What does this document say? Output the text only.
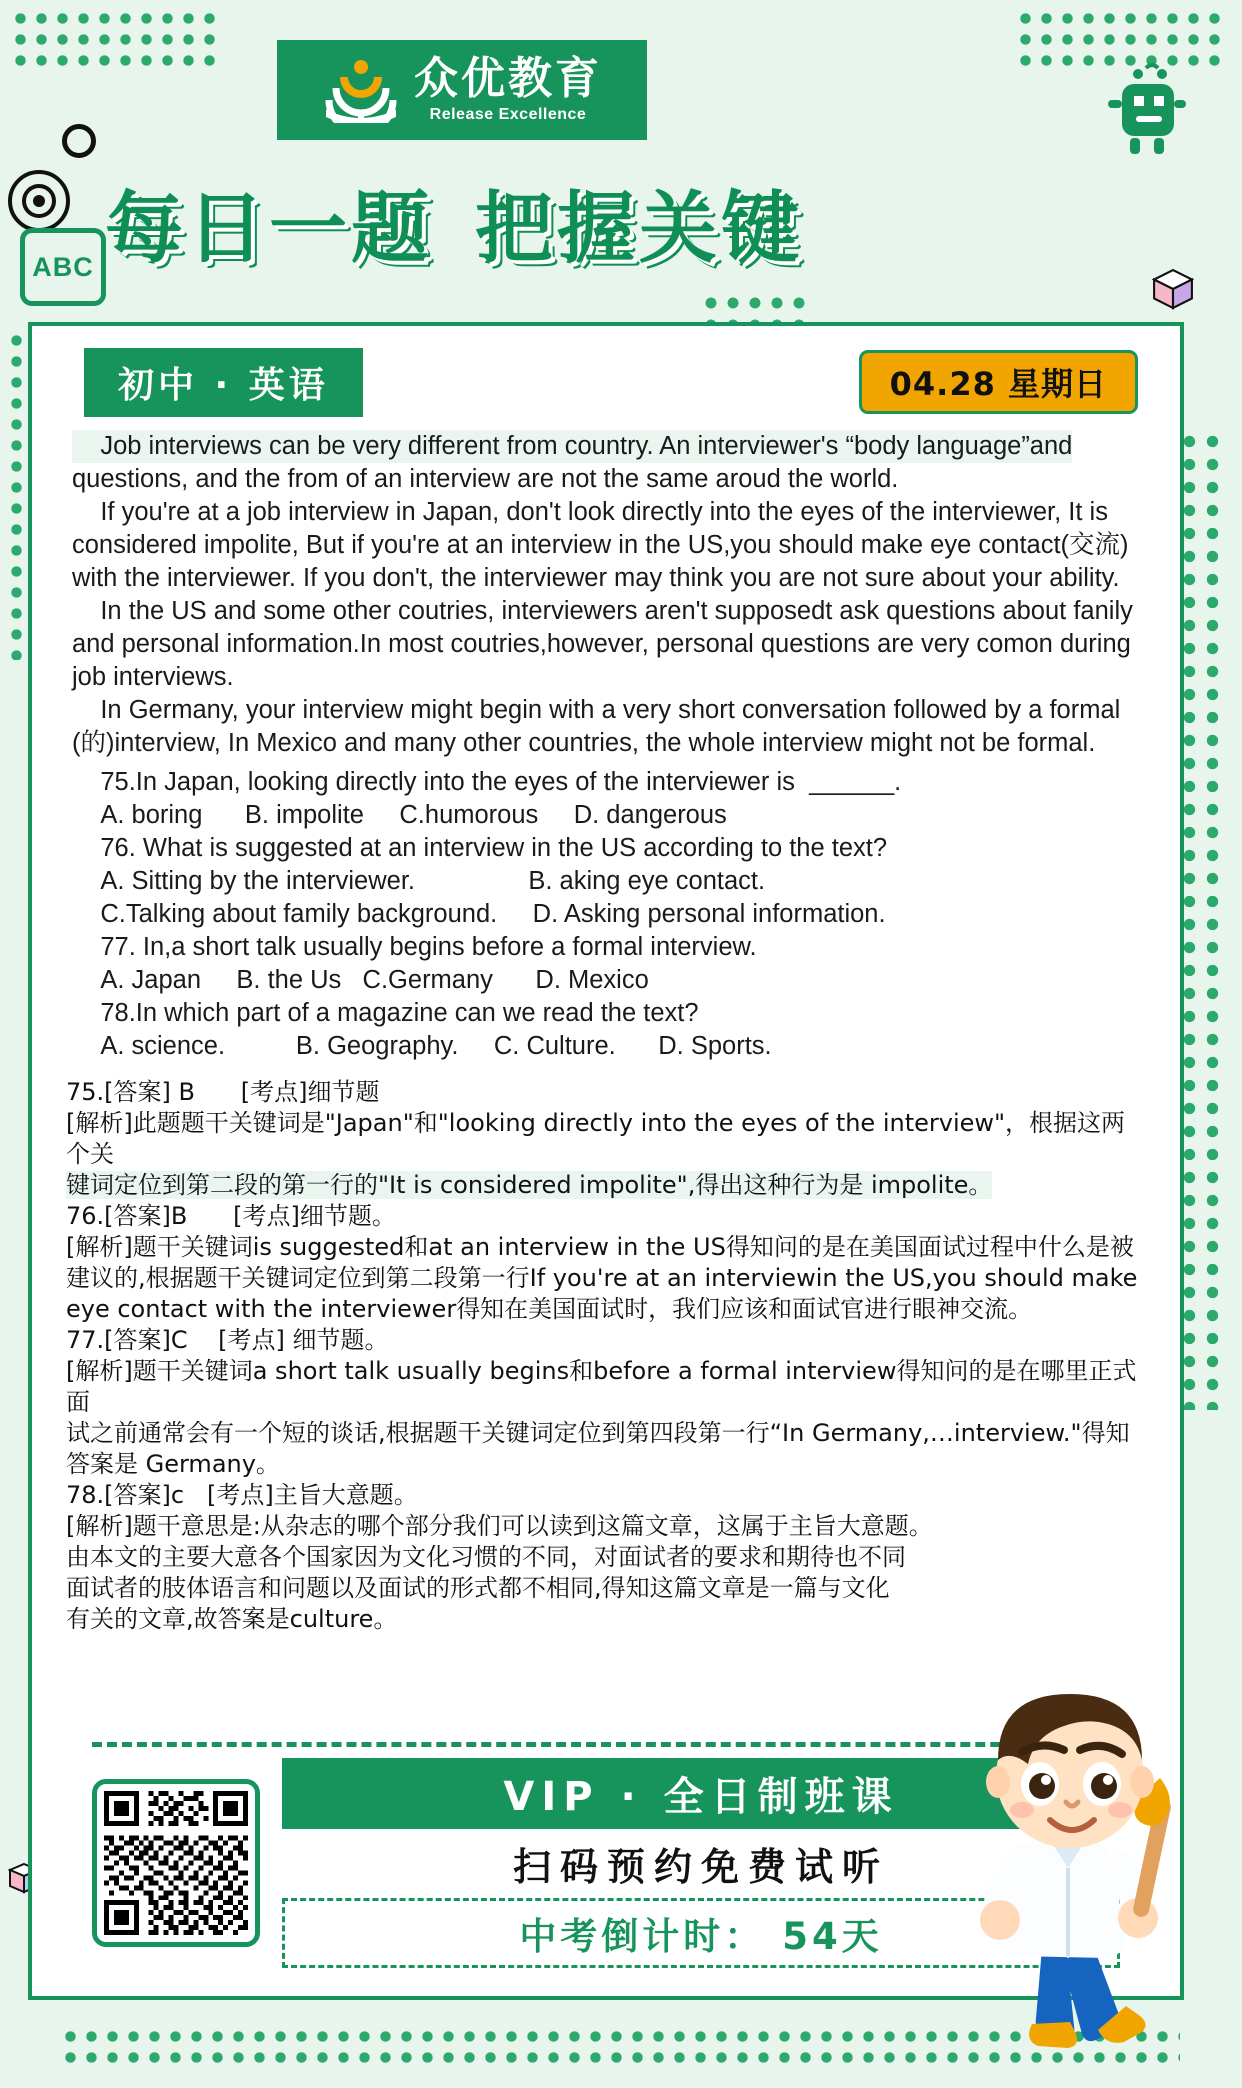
ABC
众优教育
Release Excellence
每日一题 把握关键
初中 · 英语	04.28 星期日
Job interviews can be very different from country. An interviewer's “body language”and
questions, and the from of an interview are not the same aroud the world.
If you're at a job interview in Japan, don't look directly into the eyes of the interviewer, It is
considered impolite, But if you're at an interview in the US,you should make eye contact(交流)
with the interviewer. If you don't, the interviewer may think you are not sure about your ability.
In the US and some other coutries, interviewers aren't supposedt ask questions about fanily
and personal information.In most coutries,however, personal questions are very comon during
job interviews.
In Germany, your interview might begin with a very short conversation followed by a formal
(的)interview, In Mexico and many other countries, the whole interview might not be formal.
75.In Japan, looking directly into the eyes of the interviewer is  ______.
A. boring      B. impolite     C.humorous     D. dangerous
76. What is suggested at an interview in the US according to the text?
A. Sitting by the interviewer.                B. aking eye contact.
C.Talking about family background.     D. Asking personal information.
77. In,a short talk usually begins before a formal interview.
A. Japan     B. the Us   C.Germany      D. Mexico
78.In which part of a magazine can we read the text?
A. science.          B. Geography.     C. Culture.      D. Sports.
75.[答案] B      [考点]细节题
[解析]此题题干关键词是"Japan"和"looking directly into the eyes of the interview"，根据这两个关
键词定位到第二段的第一行的"It is considered impolite",得出这种行为是 impolite。
76.[答案]B      [考点]细节题。
[解析]题干关键词is suggested和at an interview in the US得知问的是在美国面试过程中什么是被
建议的,根据题干关键词定位到第二段第一行If you're at an interviewin the US,you should make
eye contact with the interviewer得知在美国面试时，我们应该和面试官进行眼神交流。
77.[答案]C    [考点] 细节题。
[解析]题干关键词a short talk usually begins和before a formal interview得知问的是在哪里正式面
试之前通常会有一个短的谈话,根据题干关键词定位到第四段第一行“In Germany,…interview."得知
答案是 Germany。
78.[答案]c   [考点]主旨大意题。
[解析]题干意思是:从杂志的哪个部分我们可以读到这篇文章，这属于主旨大意题。
由本文的主要大意各个国家因为文化习惯的不同，对面试者的要求和期待也不同
面试者的肢体语言和问题以及面试的形式都不相同,得知这篇文章是一篇与文化
有关的文章,故答案是culture。
VIP · 全日制班课
扫码预约免费试听
中考倒计时： 54天
